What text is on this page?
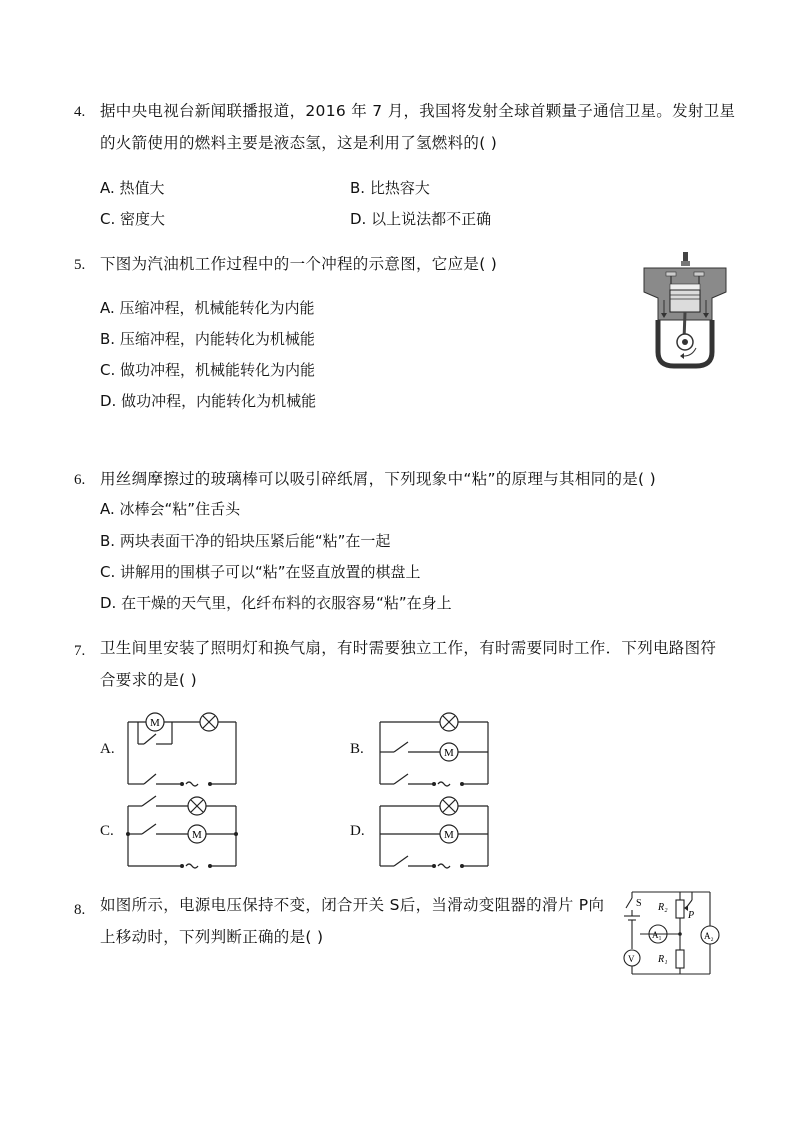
4. 据中央电视台新闻联播报道，2016 年 7 月，我国将发射全球首颗量子通信卫星。发射卫星
的火箭使用的燃料主要是液态氢，这是利用了氢燃料的( )
A. 热值大	B. 比热容大
C. 密度大	D. 以上说法都不正确
5. 下图为汽油机工作过程中的一个冲程的示意图，它应是( )
A. 压缩冲程，机械能转化为内能
B. 压缩冲程，内能转化为机械能
C. 做功冲程，机械能转化为内能
D. 做功冲程，内能转化为机械能
6. 用丝绸摩擦过的玻璃棒可以吸引碎纸屑，下列现象中“粘”的原理与其相同的是( )
A. 冰棒会“粘”住舌头
B. 两块表面干净的铅块压紧后能“粘”在一起
C. 讲解用的围棋子可以“粘”在竖直放置的棋盘上
D. 在干燥的天气里，化纤布料的衣服容易“粘”在身上
7. 卫生间里安装了照明灯和换气扇，有时需要独立工作，有时需要同时工作．下列电路图符
合要求的是( )
A.	B.
C.	D.
M
M
M	M
8. 如图所示，电源电压保持不变，闭合开关 S后，当滑动变阻器的滑片 P向
上移动时，下列判断正确的是( )
S R₂
P
A₁	A₂
V R₁
